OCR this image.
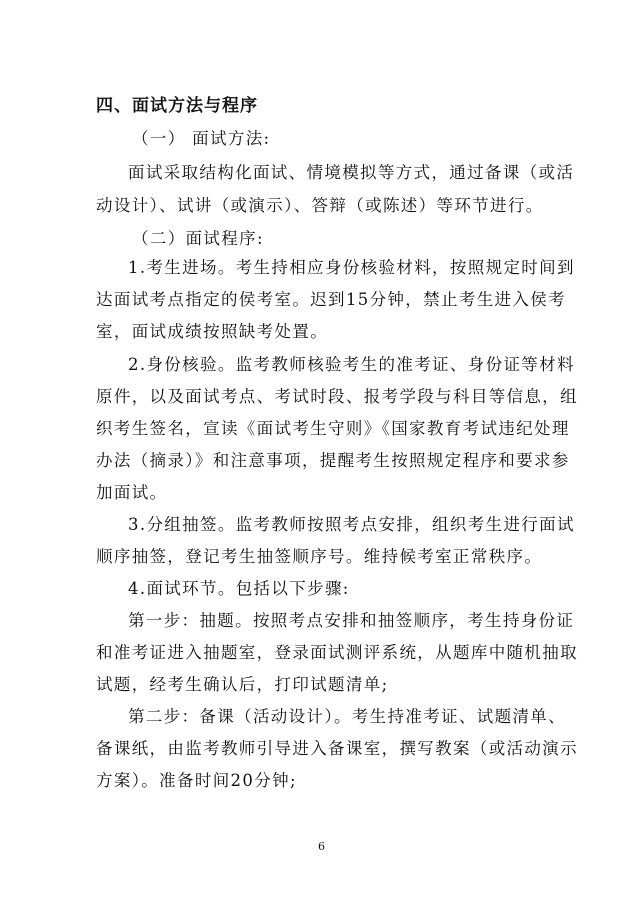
四、面试方法与程序
（一） 面试方法:
面试采取结构化面试、情境模拟等方式，通过备课（或活
动设计）、试讲（或演示）、答辩（或陈述）等环节进行。
（二）面试程序:
1.考生进场。考生持相应身份核验材料，按照规定时间到
达面试考点指定的侯考室。迟到15分钟，禁止考生进入侯考
室，面试成绩按照缺考处置。
2.身份核验。监考教师核验考生的准考证、身份证等材料
原件，以及面试考点、考试时段、报考学段与科目等信息，组
织考生签名，宣读《面试考生守则》《国家教育考试违纪处理
办法（摘录）》和注意事项，提醒考生按照规定程序和要求参
加面试。
3.分组抽签。监考教师按照考点安排，组织考生进行面试
顺序抽签，登记考生抽签顺序号。维持候考室正常秩序。
4.面试环节。包括以下步骤:
第一步：抽题。按照考点安排和抽签顺序，考生持身份证
和准考证进入抽题室，登录面试测评系统，从题库中随机抽取
试题，经考生确认后，打印试题清单;
第二步：备课（活动设计）。考生持准考证、试题清单、
备课纸，由监考教师引导进入备课室，撰写教案（或活动演示
方案）。准备时间20分钟;
6
